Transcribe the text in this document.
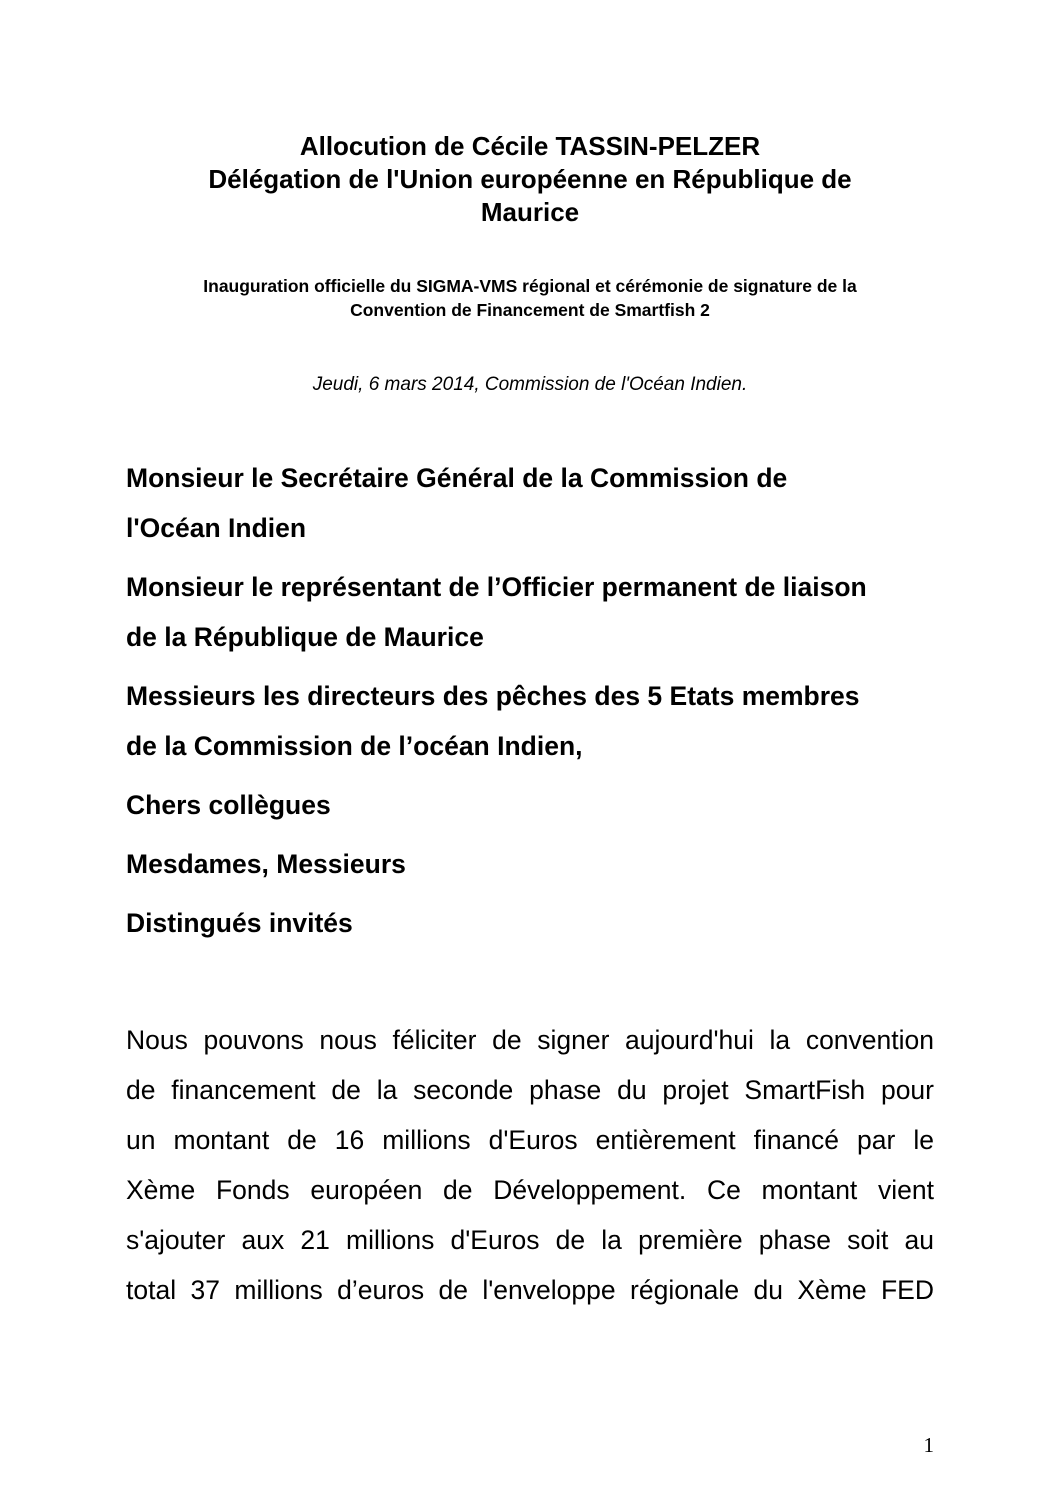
Allocution de Cécile TASSIN-PELZER
Délégation de l'Union européenne en République de
Maurice
Inauguration officielle du SIGMA-VMS régional et cérémonie de signature de la
Convention de Financement de Smartfish 2

Jeudi, 6 mars 2014, Commission de l'Océan Indien.

Monsieur le Secrétaire Général de la Commission de
l'Océan Indien
Monsieur le représentant de l’Officier permanent de liaison
de la République de Maurice
Messieurs les directeurs des pêches des 5 Etats membres
de la Commission de l’océan Indien,
Chers collègues
Mesdames, Messieurs
Distingués invités

Nous pouvons nous féliciter de signer aujourd'hui la convention
de financement de la seconde phase du projet SmartFish pour
un montant de 16 millions d'Euros entièrement financé par le
Xème Fonds européen de Développement. Ce montant vient
s'ajouter aux 21 millions d'Euros de la première phase soit au
total 37 millions d’euros de l'enveloppe régionale du Xème FED

1
